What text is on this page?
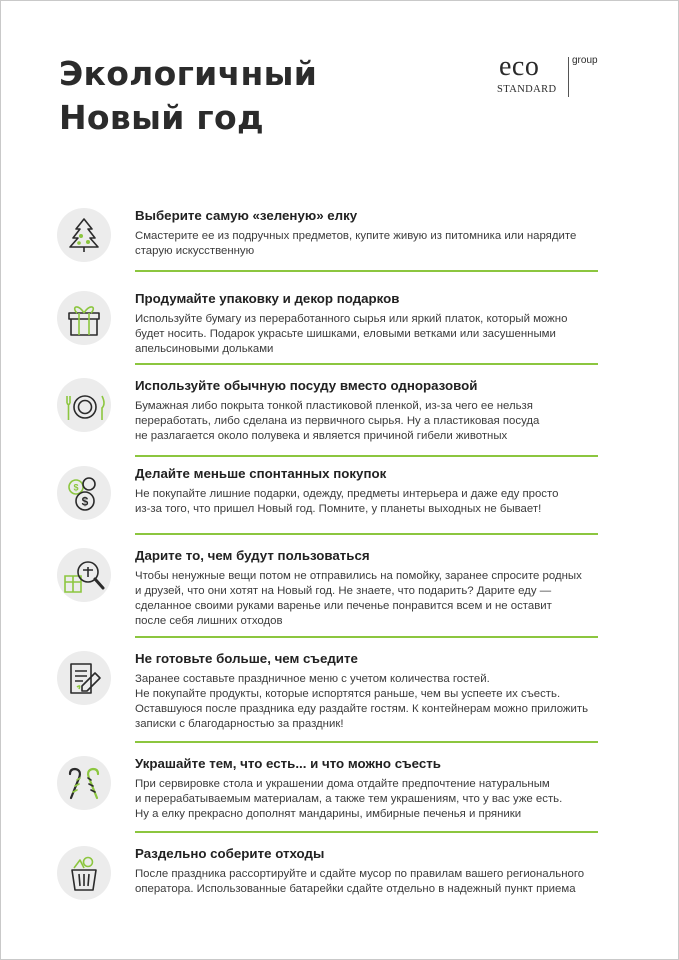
Экологичный
Новый год
eco
STANDARD
group
Выберите самую «зеленую» елку
Смастерите ее из подручных предметов, купите живую из питомника или нарядите
старую искусственную
Продумайте упаковку и декор подарков
Используйте бумагу из переработанного сырья или яркий платок, который можно
будет носить. Подарок украсьте шишками, еловыми ветками или засушенными
апельсиновыми дольками
Используйте обычную посуду вместо одноразовой
Бумажная либо покрыта тонкой пластиковой пленкой, из-за чего ее нельзя
переработать, либо сделана из первичного сырья. Ну а пластиковая посуда
не разлагается около полувека и является причиной гибели животных
$
$
Делайте меньше спонтанных покупок
Не покупайте лишние подарки, одежду, предметы интерьера и даже еду просто
из-за того, что пришел Новый год. Помните, у планеты выходных не бывает!
Дарите то, чем будут пользоваться
Чтобы ненужные вещи потом не отправились на помойку, заранее спросите родных
и друзей, что они хотят на Новый год. Не знаете, что подарить? Дарите еду —
сделанное своими руками варенье или печенье понравится всем и не оставит
после себя лишних отходов
Не готовьте больше, чем съедите
Заранее составьте праздничное меню с учетом количества гостей.
Не покупайте продукты, которые испортятся раньше, чем вы успеете их съесть.
Оставшуюся после праздника еду раздайте гостям. К контейнерам можно приложить
записки с благодарностью за праздник!
Украшайте тем, что есть... и что можно съесть
При сервировке стола и украшении дома отдайте предпочтение натуральным
и перерабатываемым материалам, а также тем украшениям, что у вас уже есть.
Ну а елку прекрасно дополнят мандарины, имбирные печенья и пряники
Раздельно соберите отходы
После праздника рассортируйте и сдайте мусор по правилам вашего регионального
оператора. Использованные батарейки сдайте отдельно в надежный пункт приема
